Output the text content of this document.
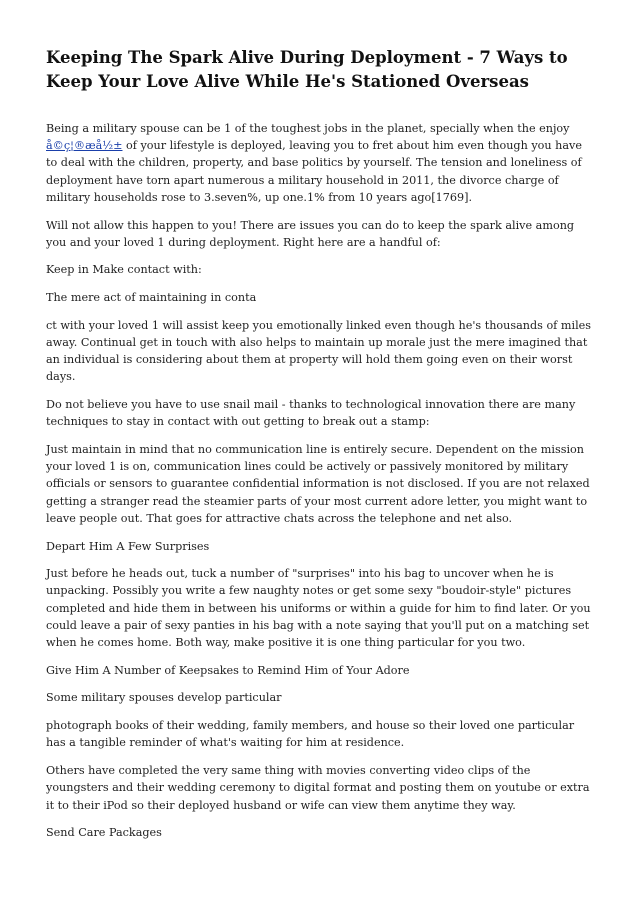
Keeping The Spark Alive During Deployment - 7 Ways to Keep Your Love Alive While He's Stationed Overseas

Being a military spouse can be 1 of the toughest jobs in the planet, specially when the enjoy å©ç¦®æå½± of your lifestyle is deployed, leaving you to fret about him even though you have to deal with the children, property, and base politics by yourself. The tension and loneliness of deployment have torn apart numerous a military household in 2011, the divorce charge of military households rose to 3.seven%, up one.1% from 10 years ago[1769].

Will not allow this happen to you! There are issues you can do to keep the spark alive among you and your loved 1 during deployment. Right here are a handful of:

Keep in Make contact with:

The mere act of maintaining in conta

ct with your loved 1 will assist keep you emotionally linked even though he's thousands of miles away. Continual get in touch with also helps to maintain up morale just the mere imagined that an individual is considering about them at property will hold them going even on their worst days.

Do not believe you have to use snail mail - thanks to technological innovation there are many techniques to stay in contact with out getting to break out a stamp:

Just maintain in mind that no communication line is entirely secure. Dependent on the mission your loved 1 is on, communication lines could be actively or passively monitored by military officials or sensors to guarantee confidential information is not disclosed. If you are not relaxed getting a stranger read the steamier parts of your most current adore letter, you might want to leave people out. That goes for attractive chats across the telephone and net also.

Depart Him A Few Surprises

Just before he heads out, tuck a number of "surprises" into his bag to uncover when he is unpacking. Possibly you write a few naughty notes or get some sexy "boudoir-style" pictures completed and hide them in between his uniforms or within a guide for him to find later. Or you could leave a pair of sexy panties in his bag with a note saying that you'll put on a matching set when he comes home. Both way, make positive it is one thing particular for you two.

Give Him A Number of Keepsakes to Remind Him of Your Adore

Some military spouses develop particular

photograph books of their wedding, family members, and house so their loved one particular has a tangible reminder of what's waiting for him at residence.

Others have completed the very same thing with movies converting video clips of the youngsters and their wedding ceremony to digital format and posting them on youtube or extra it to their iPod so their deployed husband or wife can view them anytime they way.

Send Care Packages
